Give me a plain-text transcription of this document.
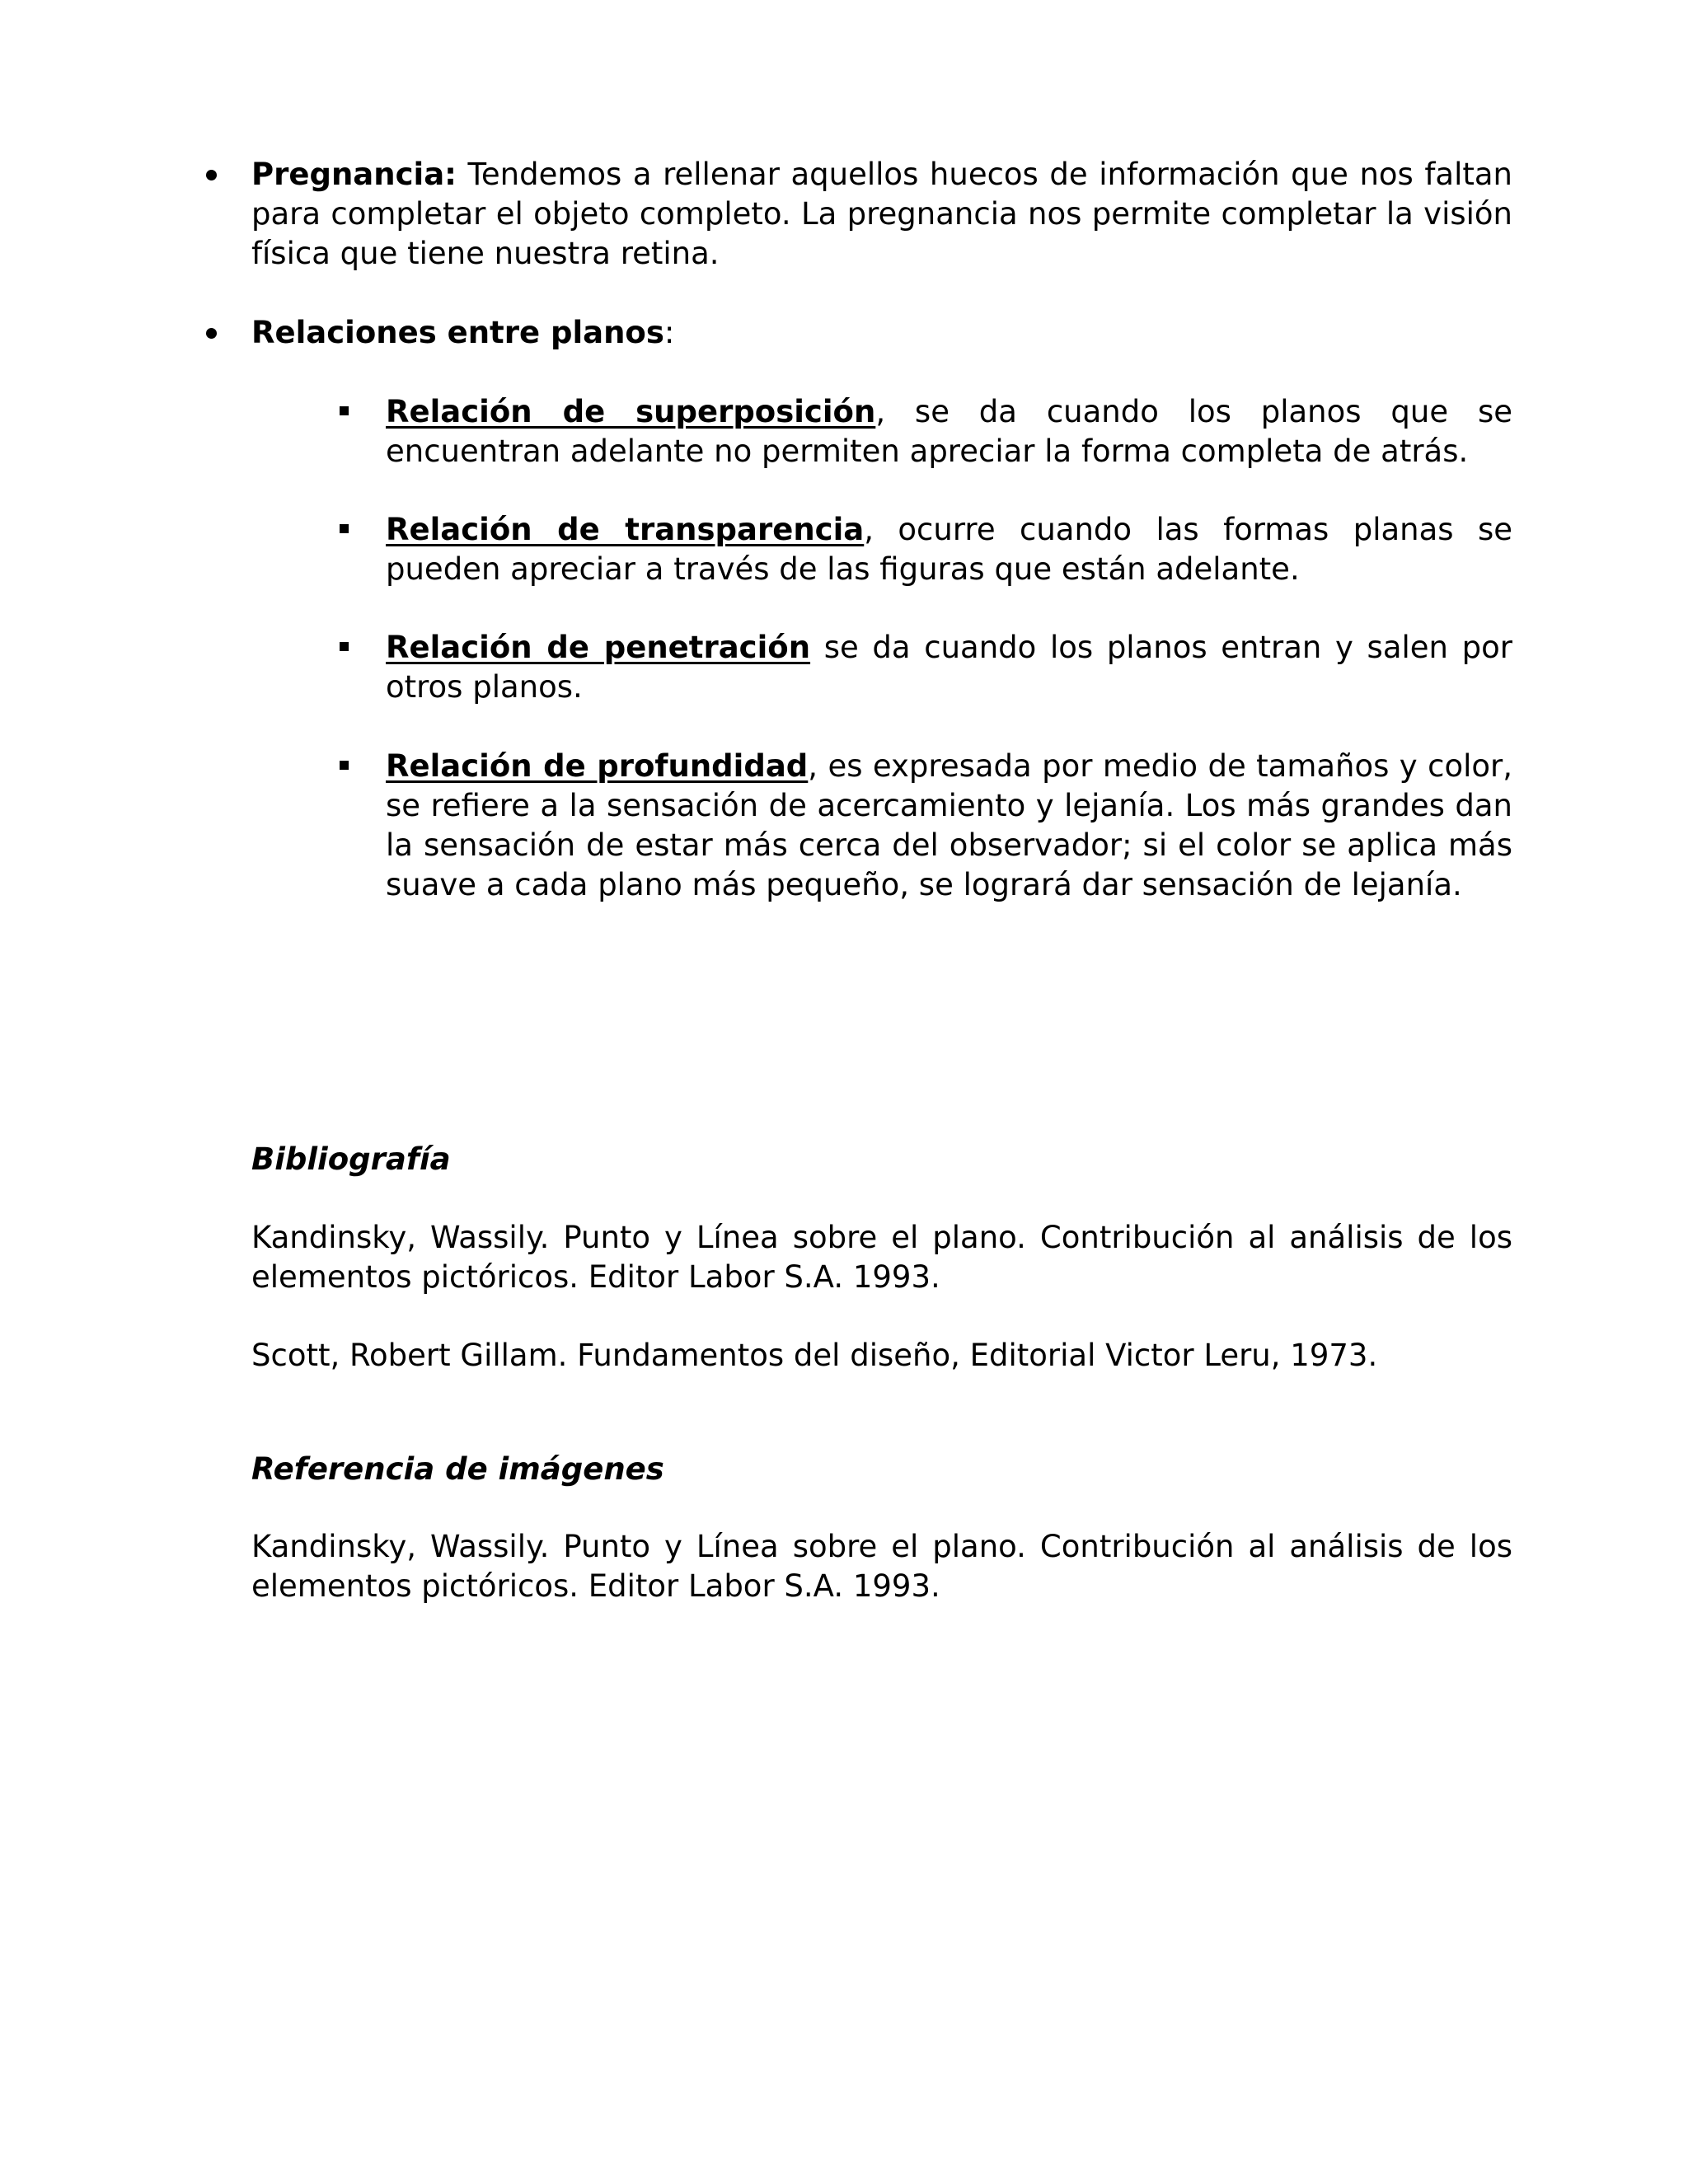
Pregnancia: Tendemos a rellenar aquellos huecos de información que nos faltan para completar el objeto completo. La pregnancia nos permite completar la visión física que tiene nuestra retina.
Relaciones entre planos:
Relación de superposición, se da cuando los planos que se encuentran adelante no permiten apreciar la forma completa de atrás.
Relación de transparencia, ocurre cuando las formas planas se pueden apreciar a través de las figuras que están adelante.
Relación de penetración se da cuando los planos entran y salen por otros planos.
Relación de profundidad, es expresada por medio de tamaños y color, se refiere a la sensación de acercamiento y lejanía. Los más grandes dan la sensación de estar más cerca del observador; si el color se aplica más suave a cada plano más pequeño, se logrará dar sensación de lejanía.
Bibliografía
Kandinsky, Wassily. Punto y Línea sobre el plano. Contribución al análisis de los elementos pictóricos. Editor Labor S.A. 1993.
Scott, Robert Gillam. Fundamentos del diseño, Editorial Victor Leru, 1973.
Referencia de imágenes
Kandinsky, Wassily. Punto y Línea sobre el plano. Contribución al análisis de los elementos pictóricos. Editor Labor S.A. 1993.
